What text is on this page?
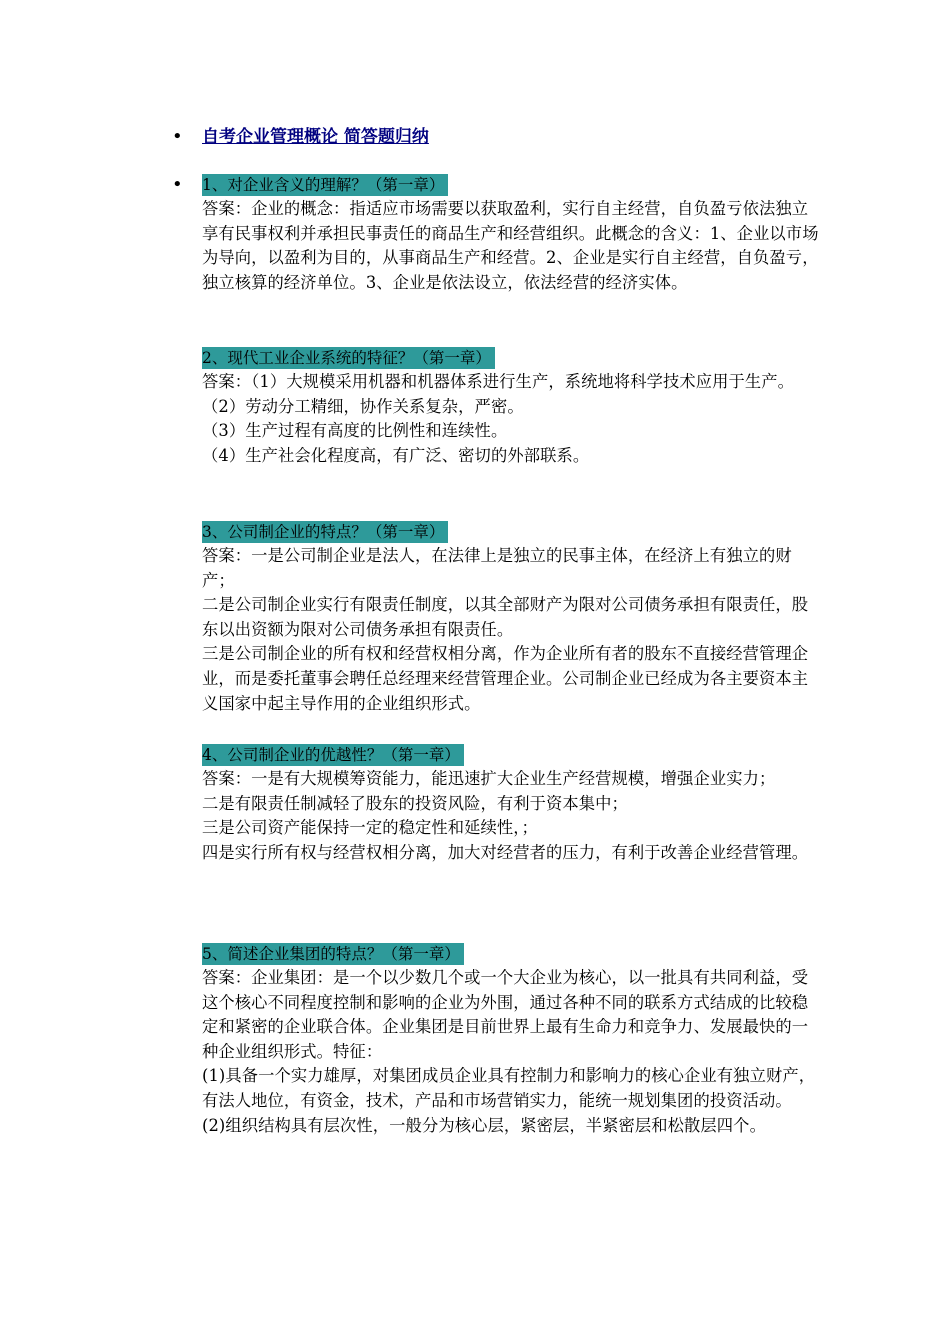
• 自考企业管理概论 简答题归纳
• 1、对企业含义的理解？（第一章）

答案：企业的概念：指适应市场需要以获取盈利，实行自主经营，自负盈亏依法独立享有民事权利并承担民事责任的商品生产和经营组织。此概念的含义：1、企业以市场为导向，以盈利为目的，从事商品生产和经营。2、企业是实行自主经营，自负盈亏，独立核算的经济单位。3、企业是依法设立，依法经营的经济实体。

2、现代工业企业系统的特征？（第一章）

答案：（1）大规模采用机器和机器体系进行生产，系统地将科学技术应用于生产。

（2）劳动分工精细，协作关系复杂，严密。

（3）生产过程有高度的比例性和连续性。

（4）生产社会化程度高，有广泛、密切的外部联系。

3、公司制企业的特点？（第一章）

答案：一是公司制企业是法人，在法律上是独立的民事主体，在经济上有独立的财产；

二是公司制企业实行有限责任制度，以其全部财产为限对公司债务承担有限责任，股东以出资额为限对公司债务承担有限责任。

三是公司制企业的所有权和经营权相分离，作为企业所有者的股东不直接经营管理企业，而是委托董事会聘任总经理来经营管理企业。公司制企业已经成为各主要资本主义国家中起主导作用的企业组织形式。

4、公司制企业的优越性？（第一章）

答案：一是有大规模筹资能力，能迅速扩大企业生产经营规模，增强企业实力；

二是有限责任制减轻了股东的投资风险，有利于资本集中；

三是公司资产能保持一定的稳定性和延续性，；

四是实行所有权与经营权相分离，加大对经营者的压力，有利于改善企业经营管理。

5、简述企业集团的特点？（第一章）

答案：企业集团：是一个以少数几个或一个大企业为核心，以一批具有共同利益，受这个核心不同程度控制和影响的企业为外围，通过各种不同的联系方式结成的比较稳定和紧密的企业联合体。企业集团是目前世界上最有生命力和竞争力、发展最快的一种企业组织形式。特征：

(1)具备一个实力雄厚，对集团成员企业具有控制力和影响力的核心企业有独立财产，有法人地位，有资金，技术，产品和市场营销实力，能统一规划集团的投资活动。

(2)组织结构具有层次性，一般分为核心层，紧密层，半紧密层和松散层四个。
